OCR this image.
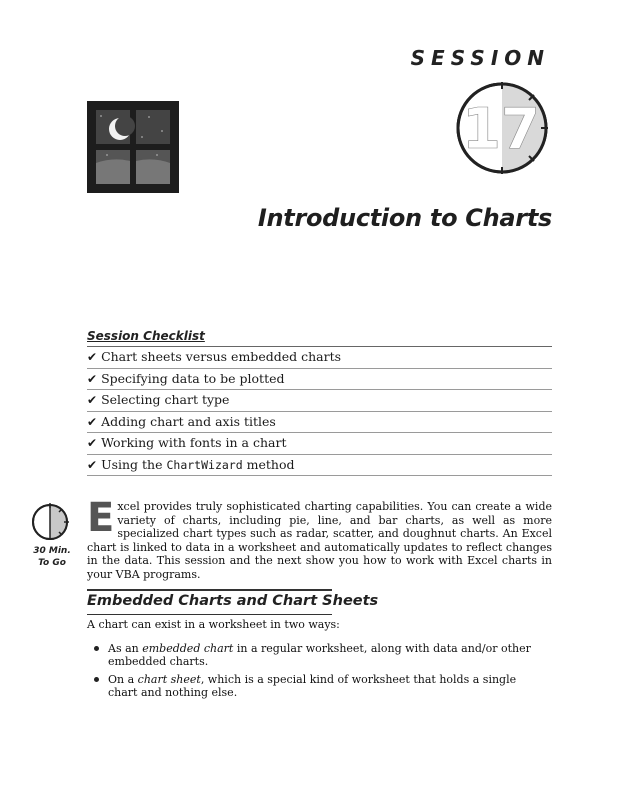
SESSION
17
Introduction to Charts
Session Checklist
✔ Chart sheets versus embedded charts
✔ Specifying data to be plotted
✔ Selecting chart type
✔ Adding chart and axis titles
✔ Working with fonts in a chart
✔ Using the ChartWizard method
30 Min.
To Go
E xcel provides truly sophisticated charting capabilities. You can create a wide variety of charts, including pie, line, and bar charts, as well as more specialized chart types such as radar, scatter, and doughnut charts. An Excel chart is linked to data in a worksheet and automatically updates to reflect changes in the data. This session and the next show you how to work with Excel charts in your VBA programs.

Embedded Charts and Chart Sheets
A chart can exist in a worksheet in two ways:
As an embedded chart in a regular worksheet, along with data and/or other embedded charts.
On a chart sheet, which is a special kind of worksheet that holds a single chart and nothing else.
